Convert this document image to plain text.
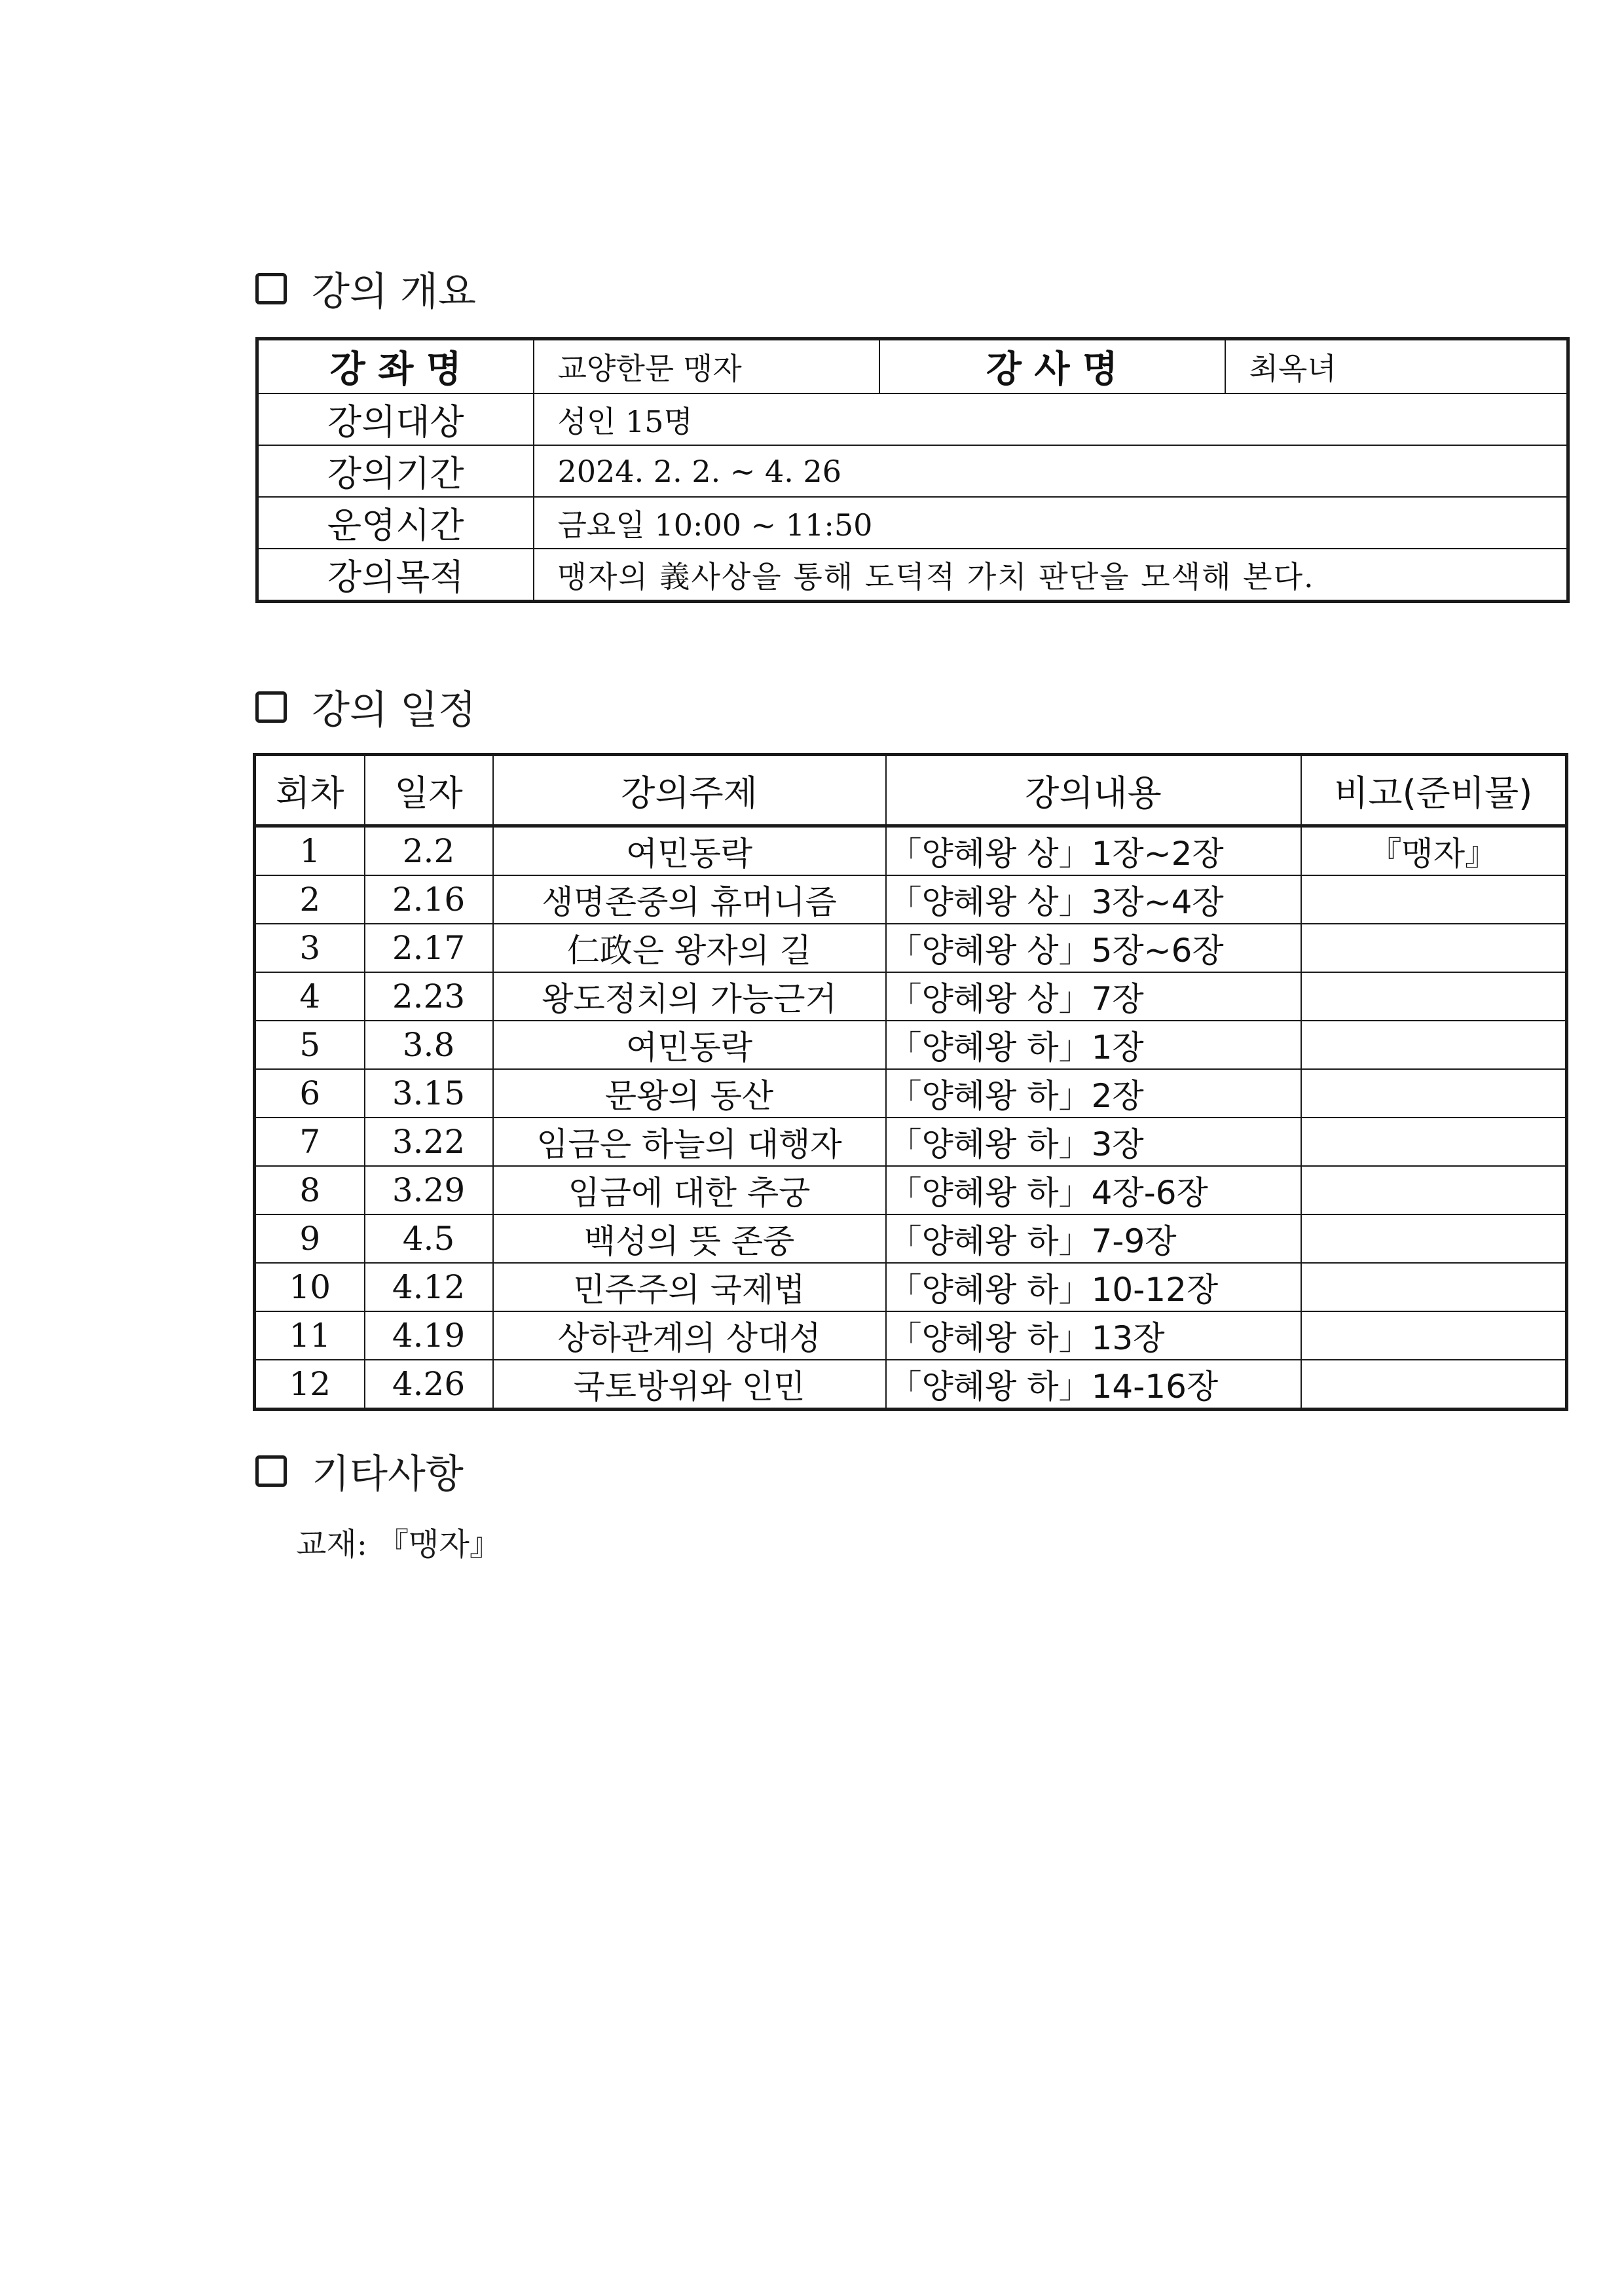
강의 개요
강 좌 명	교양한문 맹자	강 사 명	최옥녀
강의대상	성인 15명		
강의기간	2024. 2. 2. ~ 4. 26		
운영시간	금요일 10:00 ~ 11:50		
강의목적	맹자의 義사상을 통해 도덕적 가치 판단을 모색해 본다.		
강의 일정
회차	일자	강의주제	강의내용	비고(준비물)
1	2.2	여민동락	「양혜왕 상」1장~2장	『맹자』
2	2.16	생명존중의 휴머니즘	「양혜왕 상」3장~4장	
3	2.17	仁政은 왕자의 길	「양혜왕 상」5장~6장	
4	2.23	왕도정치의 가능근거	「양혜왕 상」7장	
5	3.8	여민동락	「양혜왕 하」1장	
6	3.15	문왕의 동산	「양혜왕 하」2장	
7	3.22	임금은 하늘의 대행자	「양혜왕 하」3장	
8	3.29	임금에 대한 추궁	「양혜왕 하」4장-6장	
9	4.5	백성의 뜻 존중	「양혜왕 하」7-9장	
10	4.12	민주주의 국제법	「양혜왕 하」10-12장	
11	4.19	상하관계의 상대성	「양혜왕 하」13장	
12	4.26	국토방위와 인민	「양혜왕 하」14-16장	
기타사항
교재: 『맹자』
